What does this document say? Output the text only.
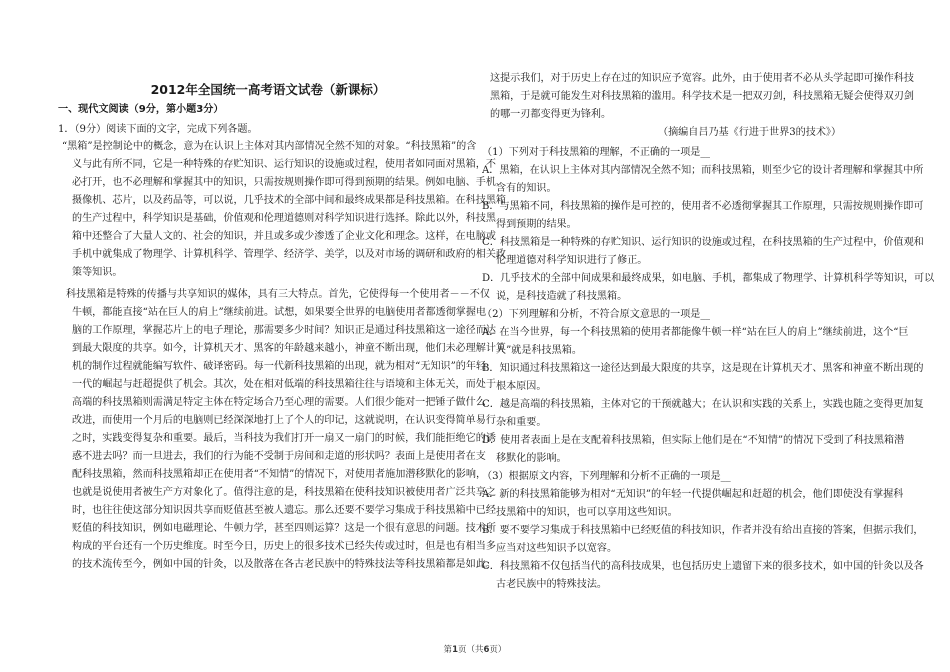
2012年全国统一高考语文试卷（新课标）
一、现代文阅读（9分，第小题3分）
1．（9分）阅读下面的文字，完成下列各题。
“黑箱”是控制论中的概念，意为在认识上主体对其内部情况全然不知的对象。“科技黑箱”的含
义与此有所不同，它是一种特殊的存贮知识、运行知识的设施或过程，使用者如同面对黑箱，不
必打开，也不必理解和掌握其中的知识，只需按规则操作即可得到预期的结果。例如电脑、手机、
摄像机、芯片，以及药品等，可以说，几乎技术的全部中间和最终成果都是科技黑箱。在科技黑箱
的生产过程中，科学知识是基础，价值观和伦理道德则对科学知识进行选择。除此以外，科技黑
箱中还整合了大量人文的、社会的知识，并且或多或少渗透了企业文化和理念。这样，在电脑或
手机中就集成了物理学、计算机科学、管理学、经济学、美学，以及对市场的调研和政府的相关政
策等知识。
科技黑箱是特殊的传播与共享知识的媒体，具有三大特点。首先，它使得每一个使用者－－不仅
牛顿，都能直接“站在巨人的肩上”继续前进。试想，如果要全世界的电脑使用者都透彻掌握电
脑的工作原理，掌握芯片上的电子理论，那需要多少时间？知识正是通过科技黑箱这一途径而达
到最大限度的共享。如今，计算机天才、黑客的年龄越来越小，神童不断出现，他们未必理解计算
机的制作过程就能编写软件、破译密码。每一代新科技黑箱的出现，就为相对“无知识”的年轻
一代的崛起与赶超提供了机会。其次，处在相对低端的科技黑箱往往与语境和主体无关，而处于
高端的科技黑箱则需满足特定主体在特定场合乃至心理的需要。人们很少能对一把锤子做什么
改进，而使用一个月后的电脑则已经深深地打上了个人的印记，这就说明，在认识变得简单易行
之时，实践变得复杂和重要。最后，当科技为我们打开一扇又一扇门的时候，我们能拒绝它的诱
惑不进去吗？而一旦进去，我们的行为能不受制于房间和走道的形状吗？表面上是使用者在支
配科技黑箱，然而科技黑箱却正在使用者“不知情”的情况下，对使用者施加潜移默化的影响，
也就是说使用者被生产方对象化了。值得注意的是，科技黑箱在使科技知识被使用者广泛共享之
时，也往往使这部分知识因共享而贬值甚至被人遗忘。那么还要不要学习集成于科技黑箱中已经
贬值的科技知识，例如电磁理论、牛顿力学，甚至四则运算？这是一个很有意思的问题。技术所
构成的平台还有一个历史维度。时至今日，历史上的很多技术已经失传或过时，但是也有相当多
的技术流传至今，例如中国的针灸，以及散落在各古老民族中的特殊技法等科技黑箱都是如此。
这提示我们，对于历史上存在过的知识应予宽容。此外，由于使用者不必从头学起即可操作科技
黑箱，于是就可能发生对科技黑箱的滥用。科学技术是一把双刃剑，科技黑箱无疑会使得双刃剑
的哪一刃都变得更为锋利。
（摘编自吕乃基《行进于世界3的技术》）
（1）下列对于科技黑箱的理解，不正确的一项是__
A．黑箱，在认识上主体对其内部情况全然不知；而科技黑箱，则至少它的设计者理解和掌握其中所
含有的知识。
B．与黑箱不同，科技黑箱的操作是可控的，使用者不必透彻掌握其工作原理，只需按规则操作即可
得到预期的结果。
C．科技黑箱是一种特殊的存贮知识、运行知识的设施或过程，在科技黑箱的生产过程中，价值观和
伦理道德对科学知识进行了修正。
D．几乎技术的全部中间成果和最终成果，如电脑、手机，都集成了物理学、计算机科学等知识，可以
说，是科技造就了科技黑箱。
（2）下列理解和分析，不符合原文意思的一项是__
A．在当今世界，每一个科技黑箱的使用者都能像牛顿一样“站在巨人的肩上”继续前进，这个“巨
人”就是科技黑箱。
B．知识通过科技黑箱这一途径达到最大限度的共享，这是现在计算机天才、黑客和神童不断出现的
根本原因。
C．越是高端的科技黑箱，主体对它的干预就越大；在认识和实践的关系上，实践也随之变得更加复
杂和重要。
D．使用者表面上是在支配着科技黑箱，但实际上他们是在“不知情”的情况下受到了科技黑箱潜
移默化的影响。
（3）根据原文内容，下列理解和分析不正确的一项是__
A．新的科技黑箱能够为相对“无知识”的年轻一代提供崛起和赶超的机会，他们即使没有掌握科
技黑箱中的知识，也可以享用这些知识。
B．要不要学习集成于科技黑箱中已经贬值的科技知识，作者并没有给出直接的答案，但据示我们，
应当对这些知识予以宽容。
C．科技黑箱不仅包括当代的高科技成果，也包括历史上遗留下来的很多技术，如中国的针灸以及各
古老民族中的特殊技法。
第1页（共6页）
